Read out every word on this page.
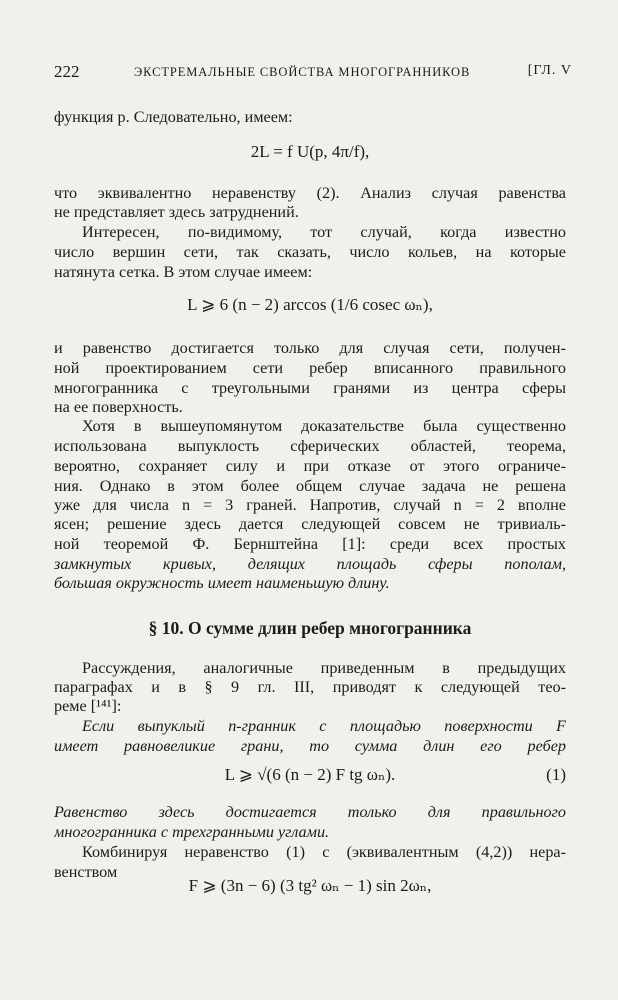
222	ЭКСТРЕМАЛЬНЫЕ СВОЙСТВА МНОГОГРАННИКОВ	[ГЛ. V
функция p. Следовательно, имеем:
2L = f U(p, 4π/f),
что эквивалентно неравенству (2). Анализ случая равенства
не представляет здесь затруднений.
Интересен, по-видимому, тот случай, когда известно
число вершин сети, так сказать, число кольев, на которые
натянута сетка. В этом случае имеем:
L ⩾ 6 (n − 2) arccos (1/6 cosec ωₙ),
и равенство достигается только для случая сети, получен-
ной проектированием сети ребер вписанного правильного
многогранника с треугольными гранями из центра сферы
на ее поверхность.
Хотя в вышеупомянутом доказательстве была существенно
использована выпуклость сферических областей, теорема,
вероятно, сохраняет силу и при отказе от этого ограниче-
ния. Однако в этом более общем случае задача не решена
уже для числа n = 3 граней. Напротив, случай n = 2 вполне
ясен; решение здесь дается следующей совсем не тривиаль-
ной теоремой Ф. Бернштейна [1]: среди всех простых
замкнутых кривых, делящих площадь сферы пополам,
большая окружность имеет наименьшую длину.
§ 10. О сумме длин ребер многогранника
Рассуждения, аналогичные приведенным в предыдущих
параграфах и в § 9 гл. III, приводят к следующей тео-
реме [¹⁴¹]:
Если выпуклый n-гранник с площадью поверхности F
имеет равновеликие грани, то сумма длин его ребер
L ⩾ √(6 (n − 2) F tg ωₙ).	(1)
Равенство здесь достигается только для правильного
многогранника с трехгранными углами.
Комбинируя неравенство (1) с (эквивалентным (4,2)) нера-
венством
F ⩾ (3n − 6) (3 tg² ωₙ − 1) sin 2ωₙ,
